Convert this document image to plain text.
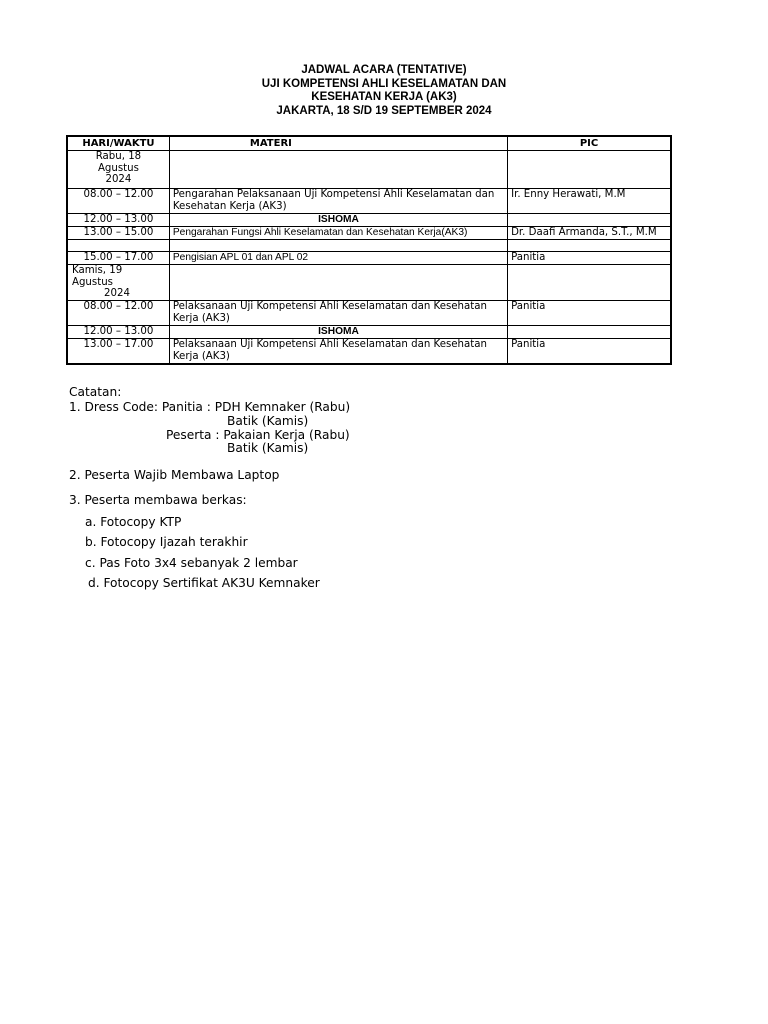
JADWAL ACARA (TENTATIVE)
UJI KOMPETENSI AHLI KESELAMATAN DAN
KESEHATAN KERJA (AK3)
JAKARTA, 18 S/D 19 SEPTEMBER 2024
HARI/WAKTU	MATERI	PIC

Rabu, 18
Agustus
2024		

08.00 – 12.00	Pengarahan Pelaksanaan Uji Kompetensi Ahli Keselamatan dan Kesehatan Kerja (AK3)	Ir. Enny Herawati, M.M
12.00 – 13.00	ISHOMA	
13.00 – 15.00	Pengarahan Fungsi Ahli Keselamatan dan Kesehatan Kerja(AK3)	Dr. Daafi Armanda, S.T., M.M

15.00 – 17.00	Pengisian APL 01 dan APL 02	Panitia

Kamis, 19
Agustus
2024		

08.00 – 12.00	Pelaksanaan Uji Kompetensi Ahli Keselamatan dan Kesehatan Kerja (AK3)	Panitia
12.00 – 13.00	ISHOMA	
13.00 – 17.00	Pelaksanaan Uji Kompetensi Ahli Keselamatan dan Kesehatan Kerja (AK3)	Panitia

Catatan:

1. Dress Code: Panitia : PDH Kemnaker (Rabu)

Batik (Kamis)

Peserta : Pakaian Kerja (Rabu)

Batik (Kamis)

2. Peserta Wajib Membawa Laptop

3. Peserta membawa berkas:

a. Fotocopy KTP

b. Fotocopy Ijazah terakhir

c. Pas Foto 3x4 sebanyak 2 lembar

d. Fotocopy Sertifikat AK3U Kemnaker
